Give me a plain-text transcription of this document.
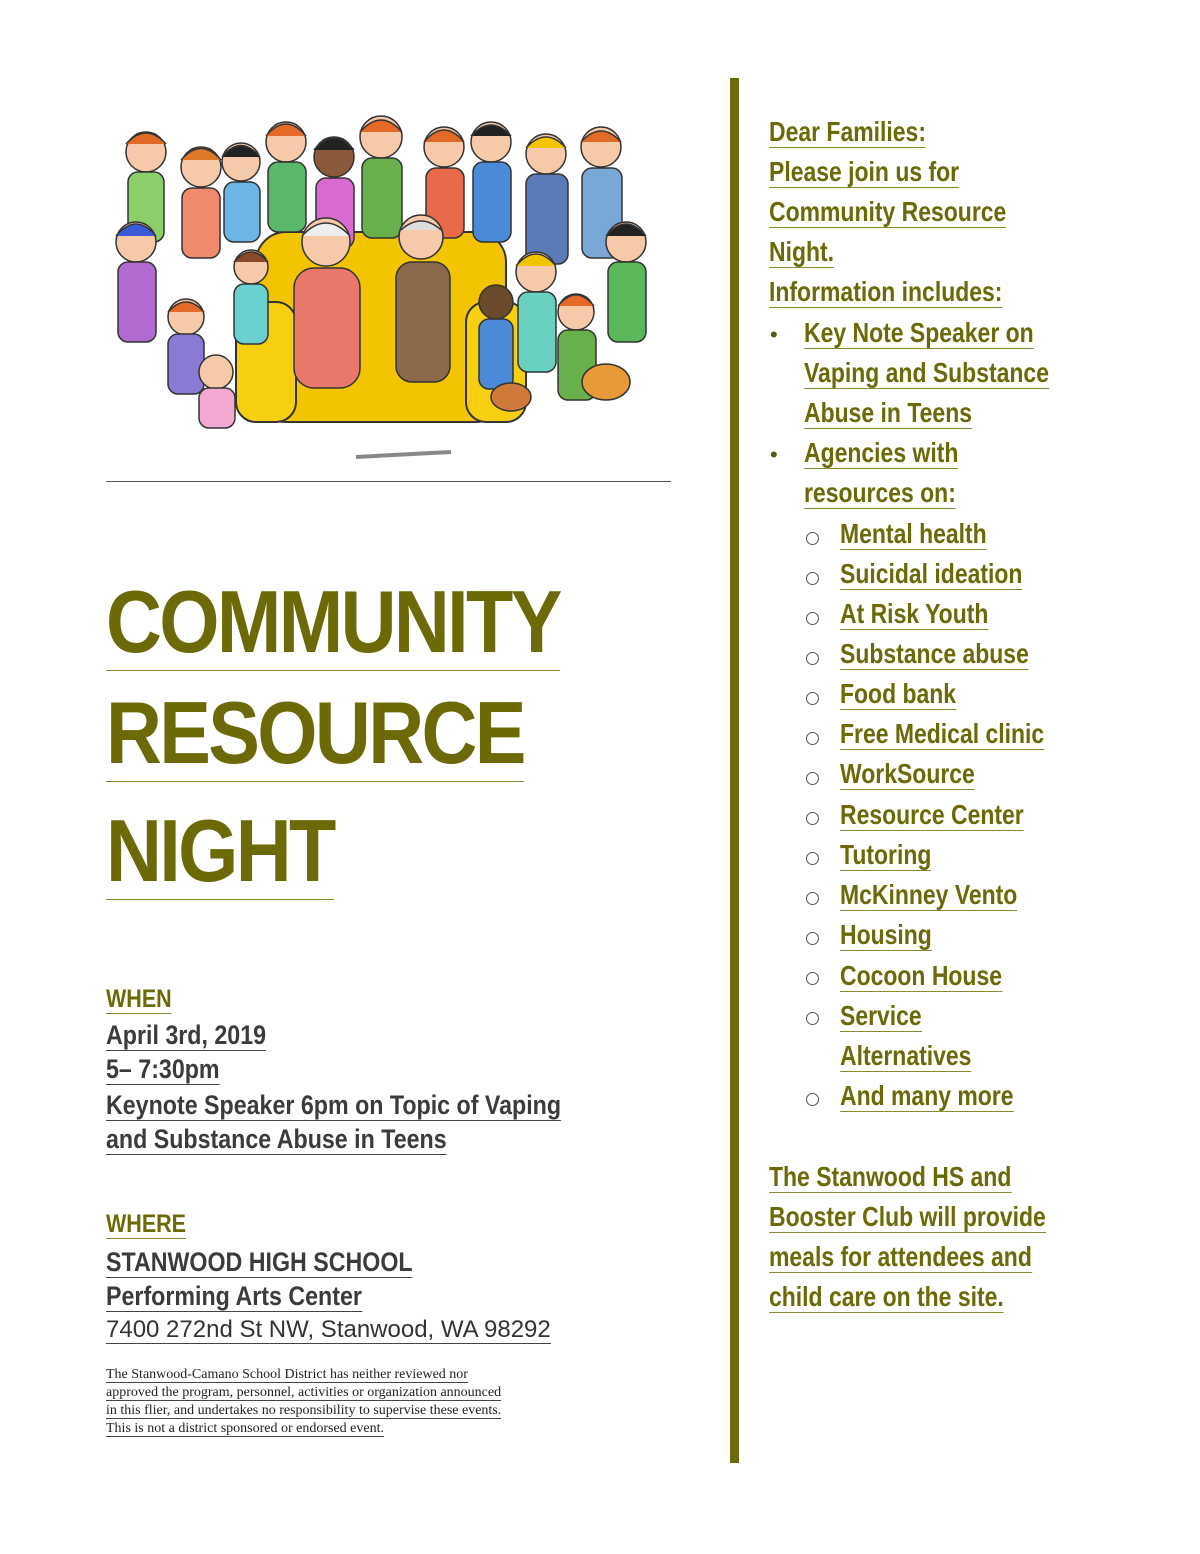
COMMUNITY
RESOURCE
NIGHT
WHEN
April 3rd, 2019
5– 7:30pm
Keynote Speaker 6pm on Topic of Vaping
and Substance Abuse in Teens
WHERE
STANWOOD HIGH SCHOOL
Performing Arts Center
7400 272nd St NW, Stanwood, WA 98292
The Stanwood-Camano School District has neither reviewed nor approved the program, personnel, activities or organization announced in this flier, and undertakes no responsibility to supervise these events. This is not a district sponsored or endorsed event.
Dear Families:
Please join us for
Community Resource
Night.
Information includes:
• Key Note Speaker on
Vaping and Substance
Abuse in Teens
• Agencies with
resources on:
Mental health
Suicidal ideation
At Risk Youth
Substance abuse
Food bank
Free Medical clinic
WorkSource
Resource Center
Tutoring
McKinney Vento
Housing
Cocoon House
Service
Alternatives
And many more
The Stanwood HS and
Booster Club will provide
meals for attendees and
child care on the site.
